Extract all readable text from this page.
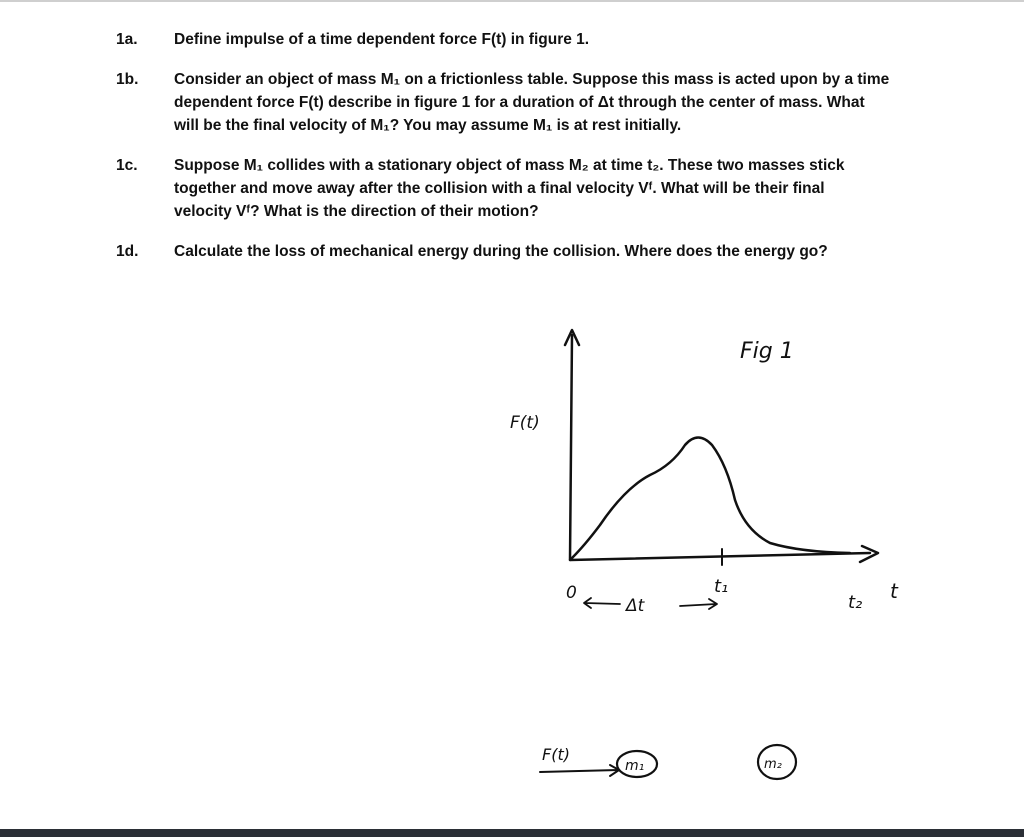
1a. Define impulse of a time dependent force F(t) in figure 1.
1b. Consider an object of mass M₁ on a frictionless table. Suppose this mass is acted upon by a time
dependent force F(t) describe in figure 1 for a duration of Δt through the center of mass. What
will be the final velocity of M₁? You may assume M₁ is at rest initially.
1c. Suppose M₁ collides with a stationary object of mass M₂ at time t₂. These two masses stick
together and move away after the collision with a final velocity Vᶠ. What will be their final
velocity Vᶠ? What is the direction of their motion?
1d. Calculate the loss of mechanical energy during the collision. Where does the energy go?
Fig 1
F(t)
0
Δt
t₁
t₂ t
F(t)
m₁	m₂
